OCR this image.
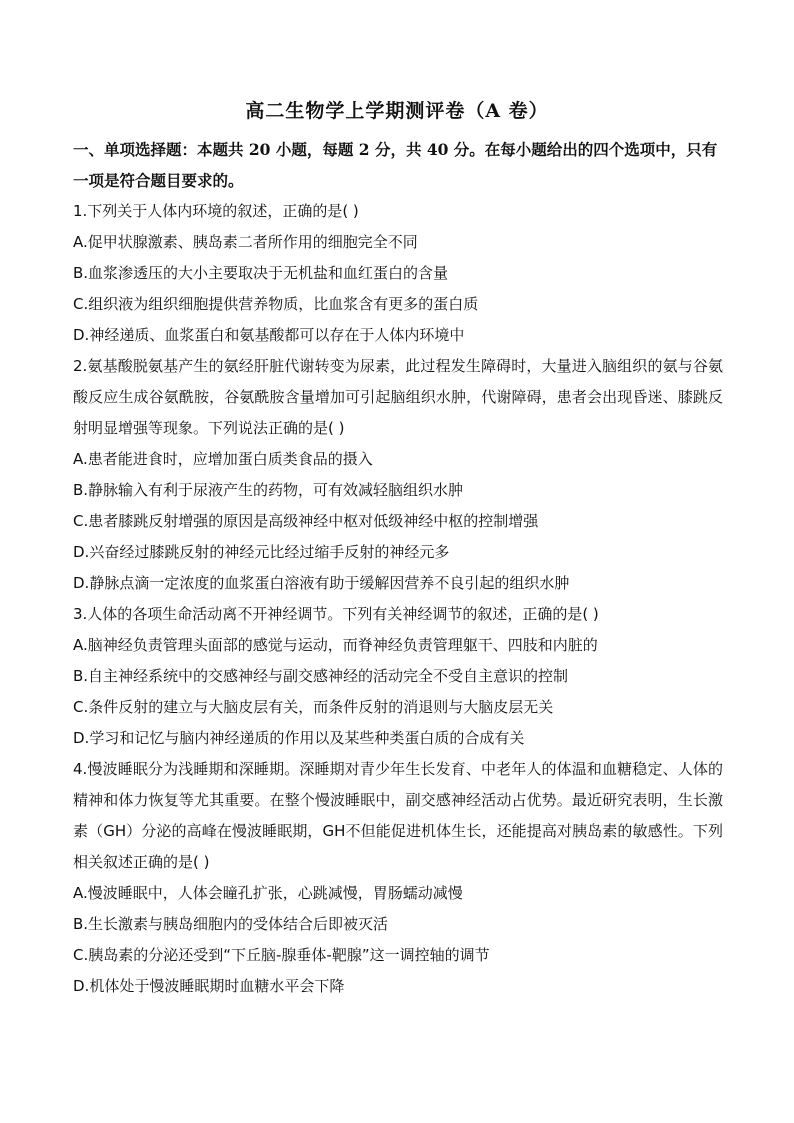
高二生物学上学期测评卷（A 卷）

一、单项选择题：本题共 20 小题，每题 2 分，共 40 分。在每小题给出的四个选项中，只有一项是符合题目要求的。

1.下列关于人体内环境的叙述，正确的是( )

A.促甲状腺激素、胰岛素二者所作用的细胞完全不同

B.血浆渗透压的大小主要取决于无机盐和血红蛋白的含量

C.组织液为组织细胞提供营养物质，比血浆含有更多的蛋白质

D.神经递质、血浆蛋白和氨基酸都可以存在于人体内环境中

2.氨基酸脱氨基产生的氨经肝脏代谢转变为尿素，此过程发生障碍时，大量进入脑组织的氨与谷氨酸反应生成谷氨酰胺，谷氨酰胺含量增加可引起脑组织水肿，代谢障碍，患者会出现昏迷、膝跳反射明显增强等现象。下列说法正确的是( )

A.患者能进食时，应增加蛋白质类食品的摄入

B.静脉输入有利于尿液产生的药物，可有效减轻脑组织水肿

C.患者膝跳反射增强的原因是高级神经中枢对低级神经中枢的控制增强

D.兴奋经过膝跳反射的神经元比经过缩手反射的神经元多

D.静脉点滴一定浓度的血浆蛋白溶液有助于缓解因营养不良引起的组织水肿

3.人体的各项生命活动离不开神经调节。下列有关神经调节的叙述，正确的是( )

A.脑神经负责管理头面部的感觉与运动，而脊神经负责管理躯干、四肢和内脏的

B.自主神经系统中的交感神经与副交感神经的活动完全不受自主意识的控制

C.条件反射的建立与大脑皮层有关，而条件反射的消退则与大脑皮层无关

D.学习和记忆与脑内神经递质的作用以及某些种类蛋白质的合成有关

4.慢波睡眠分为浅睡期和深睡期。深睡期对青少年生长发育、中老年人的体温和血糖稳定、人体的精神和体力恢复等尤其重要。在整个慢波睡眠中，副交感神经活动占优势。最近研究表明，生长激素（GH）分泌的高峰在慢波睡眠期，GH不但能促进机体生长，还能提高对胰岛素的敏感性。下列相关叙述正确的是( )

A.慢波睡眠中，人体会瞳孔扩张，心跳减慢，胃肠蠕动减慢

B.生长激素与胰岛细胞内的受体结合后即被灭活

C.胰岛素的分泌还受到“下丘脑-腺垂体-靶腺”这一调控轴的调节

D.机体处于慢波睡眠期时血糖水平会下降
